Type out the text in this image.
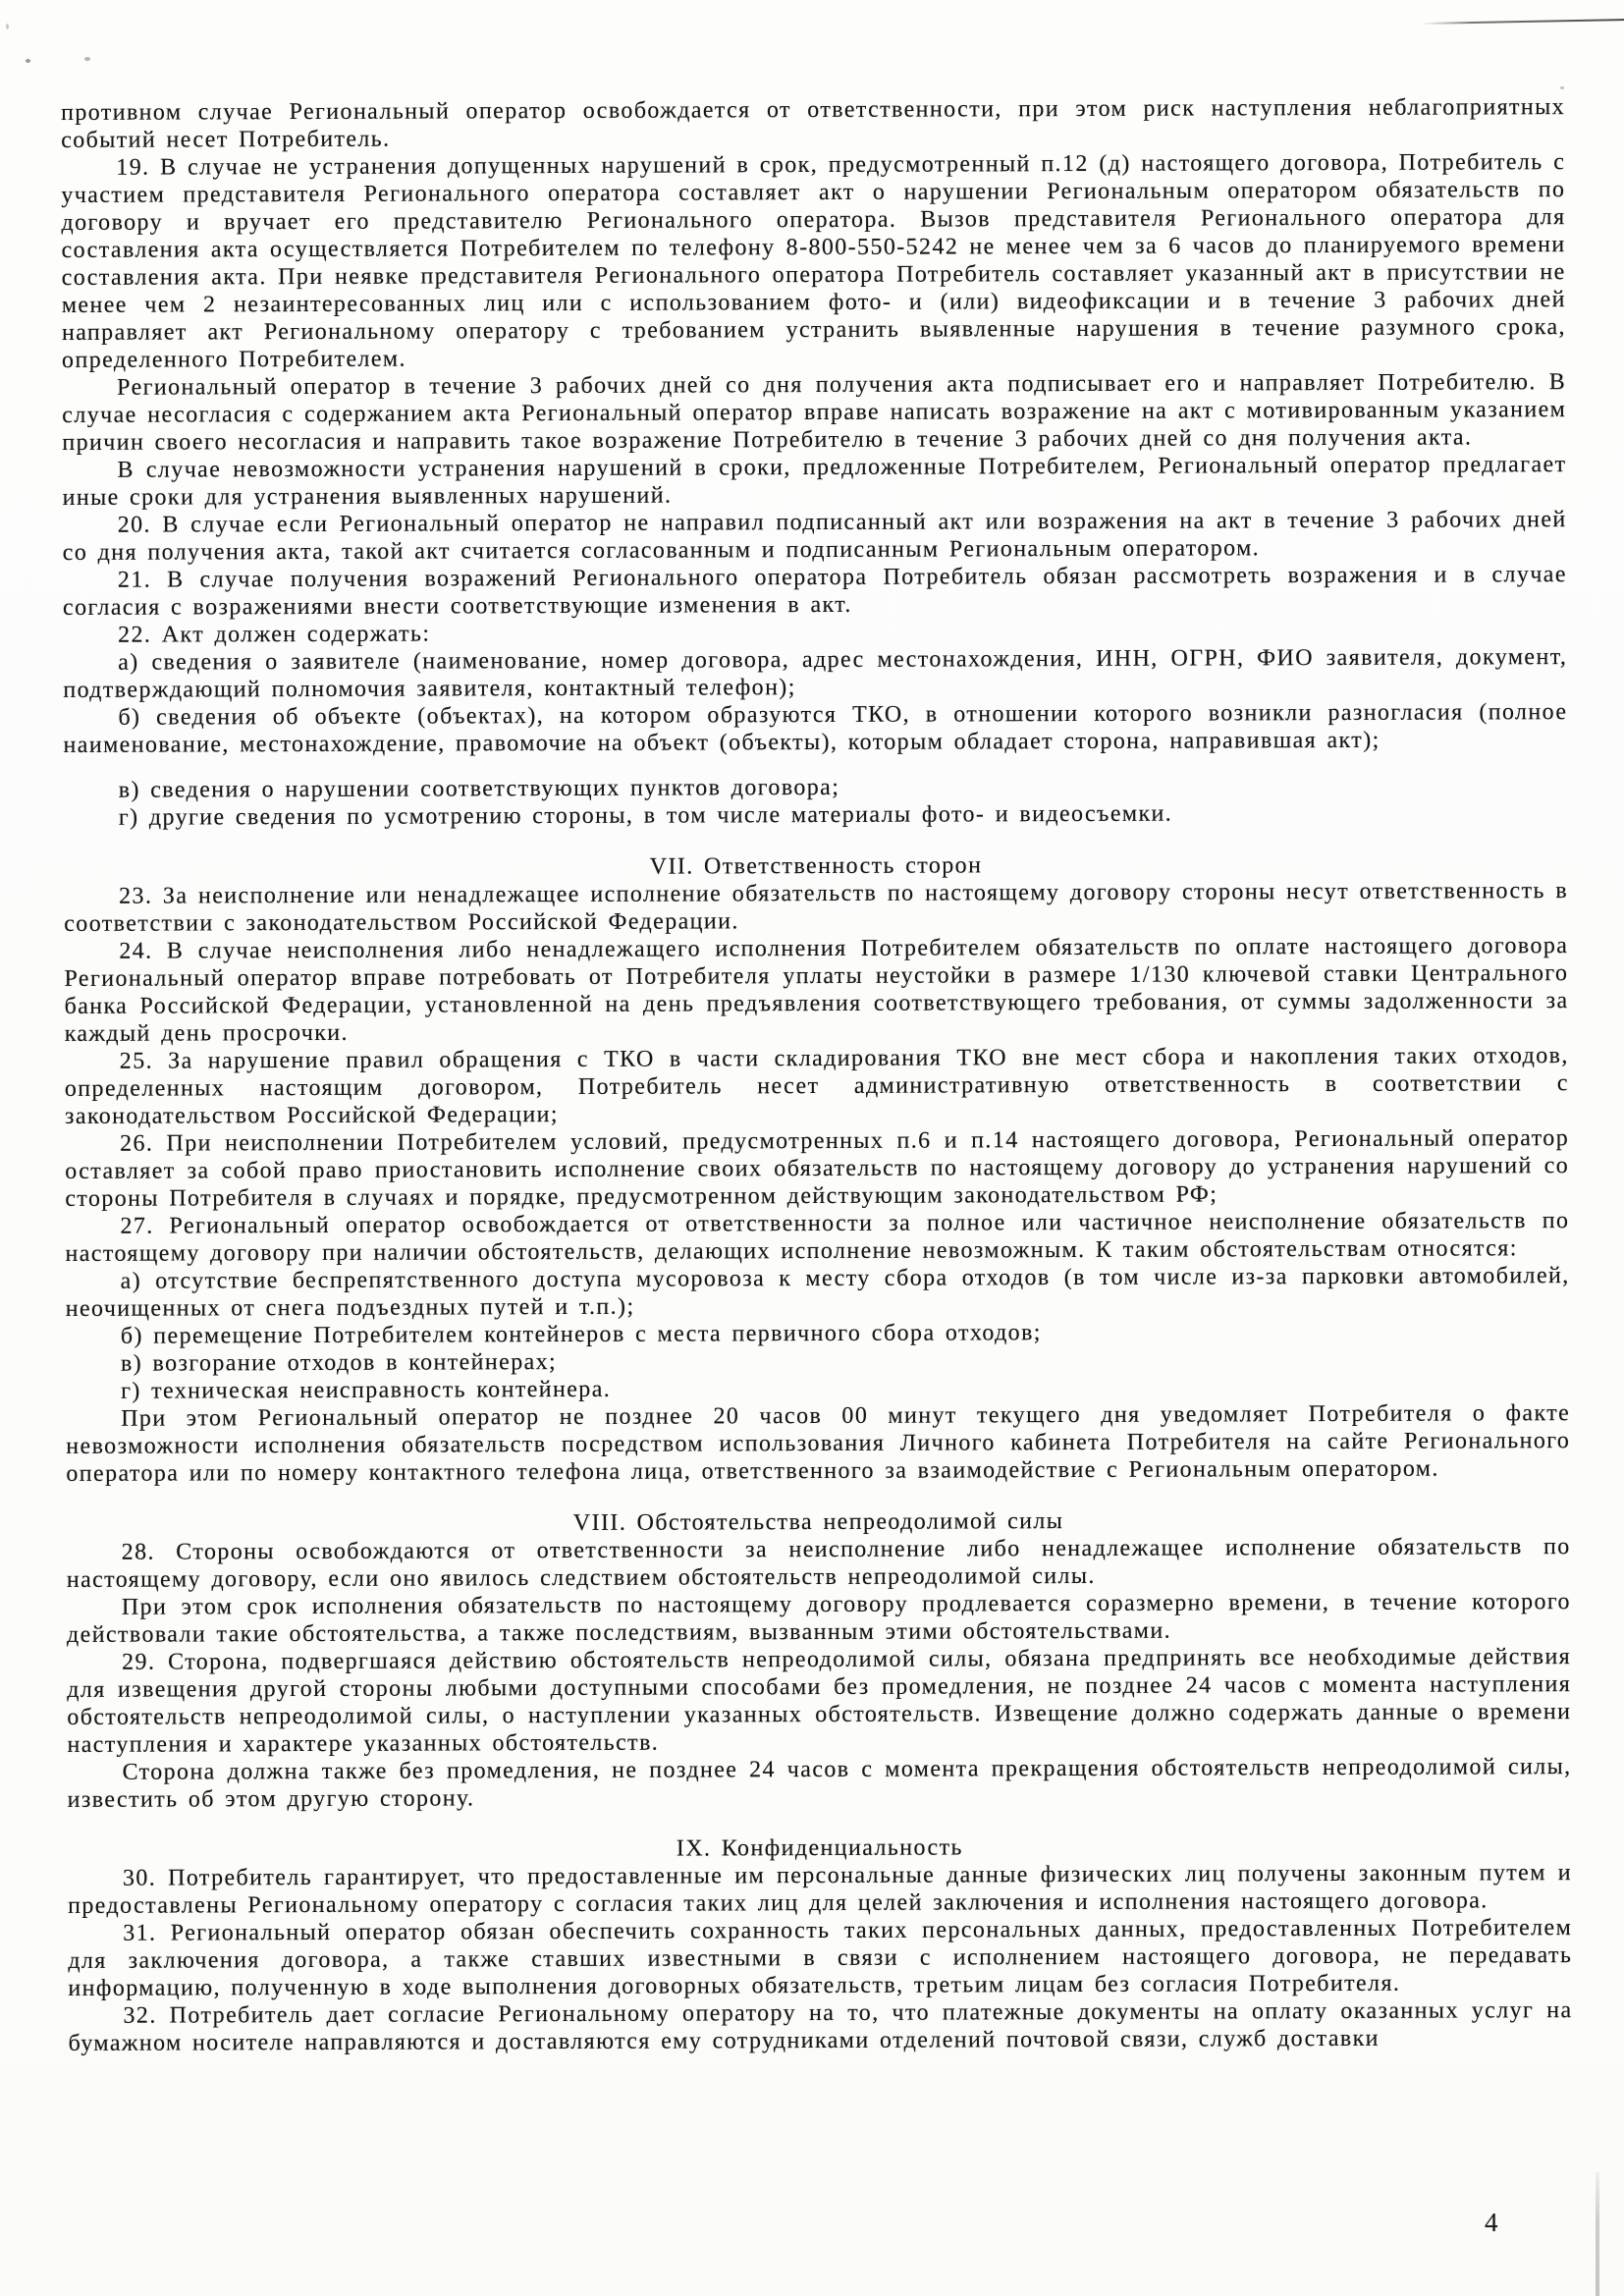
противном случае Региональный оператор освобождается от ответственности, при этом риск наступления неблагоприятных событий несет Потребитель.

19. В случае не устранения допущенных нарушений в срок, предусмотренный п.12 (д) настоящего договора, Потребитель с участием представителя Регионального оператора составляет акт о нарушении Региональным оператором обязательств по договору и вручает его представителю Регионального оператора. Вызов представителя Регионального оператора для составления акта осуществляется Потребителем по телефону 8-800-550-5242 не менее чем за 6 часов до планируемого времени составления акта. При неявке представителя Регионального оператора Потребитель составляет указанный акт в присутствии не менее чем 2 незаинтересованных лиц или с использованием фото- и (или) видеофиксации и в течение 3 рабочих дней направляет акт Региональному оператору с требованием устранить выявленные нарушения в течение разумного срока, определенного Потребителем.

Региональный оператор в течение 3 рабочих дней со дня получения акта подписывает его и направляет Потребителю. В случае несогласия с содержанием акта Региональный оператор вправе написать возражение на акт с мотивированным указанием причин своего несогласия и направить такое возражение Потребителю в течение 3 рабочих дней со дня получения акта.

В случае невозможности устранения нарушений в сроки, предложенные Потребителем, Региональный оператор предлагает иные сроки для устранения выявленных нарушений.

20. В случае если Региональный оператор не направил подписанный акт или возражения на акт в течение 3 рабочих дней со дня получения акта, такой акт считается согласованным и подписанным Региональным оператором.

21. В случае получения возражений Регионального оператора Потребитель обязан рассмотреть возражения и в случае согласия с возражениями внести соответствующие изменения в акт.

22. Акт должен содержать:

а) сведения о заявителе (наименование, номер договора, адрес местонахождения, ИНН, ОГРН, ФИО заявителя, документ, подтверждающий полномочия заявителя, контактный телефон);

б) сведения об объекте (объектах), на котором образуются ТКО, в отношении которого возникли разногласия (полное наименование, местонахождение, правомочие на объект (объекты), которым обладает сторона, направившая акт);

в) сведения о нарушении соответствующих пунктов договора;

г) другие сведения по усмотрению стороны, в том числе материалы фото- и видеосъемки.

VII. Ответственность сторон

23. За неисполнение или ненадлежащее исполнение обязательств по настоящему договору стороны несут ответственность в соответствии с законодательством Российской Федерации.

24. В случае неисполнения либо ненадлежащего исполнения Потребителем обязательств по оплате настоящего договора Региональный оператор вправе потребовать от Потребителя уплаты неустойки в размере 1/130 ключевой ставки Центрального банка Российской Федерации, установленной на день предъявления соответствующего требования, от суммы задолженности за каждый день просрочки.

25. За нарушение правил обращения с ТКО в части складирования ТКО вне мест сбора и накопления таких отходов, определенных настоящим договором, Потребитель несет административную ответственность в соответствии с законодательством Российской Федерации;

26. При неисполнении Потребителем условий, предусмотренных п.6 и п.14 настоящего договора, Региональный оператор оставляет за собой право приостановить исполнение своих обязательств по настоящему договору до устранения нарушений со стороны Потребителя в случаях и порядке, предусмотренном действующим законодательством РФ;

27. Региональный оператор освобождается от ответственности за полное или частичное неисполнение обязательств по настоящему договору при наличии обстоятельств, делающих исполнение невозможным. К таким обстоятельствам относятся:

а) отсутствие беспрепятственного доступа мусоровоза к месту сбора отходов (в том числе из-за парковки автомобилей, неочищенных от снега подъездных путей и т.п.);

б) перемещение Потребителем контейнеров с места первичного сбора отходов;

в) возгорание отходов в контейнерах;

г) техническая неисправность контейнера.

При этом Региональный оператор не позднее 20 часов 00 минут текущего дня уведомляет Потребителя о факте невозможности исполнения обязательств посредством использования Личного кабинета Потребителя на сайте Регионального оператора или по номеру контактного телефона лица, ответственного за взаимодействие с Региональным оператором.

VIII. Обстоятельства непреодолимой силы

28. Стороны освобождаются от ответственности за неисполнение либо ненадлежащее исполнение обязательств по настоящему договору, если оно явилось следствием обстоятельств непреодолимой силы.

При этом срок исполнения обязательств по настоящему договору продлевается соразмерно времени, в течение которого действовали такие обстоятельства, а также последствиям, вызванным этими обстоятельствами.

29. Сторона, подвергшаяся действию обстоятельств непреодолимой силы, обязана предпринять все необходимые действия для извещения другой стороны любыми доступными способами без промедления, не позднее 24 часов с момента наступления обстоятельств непреодолимой силы, о наступлении указанных обстоятельств. Извещение должно содержать данные о времени наступления и характере указанных обстоятельств.

Сторона должна также без промедления, не позднее 24 часов с момента прекращения обстоятельств непреодолимой силы, известить об этом другую сторону.

IX. Конфиденциальность

30. Потребитель гарантирует, что предоставленные им персональные данные физических лиц получены законным путем и предоставлены Региональному оператору с согласия таких лиц для целей заключения и исполнения настоящего договора.

31. Региональный оператор обязан обеспечить сохранность таких персональных данных, предоставленных Потребителем для заключения договора, а также ставших известными в связи с исполнением настоящего договора, не передавать информацию, полученную в ходе выполнения договорных обязательств, третьим лицам без согласия Потребителя.

32. Потребитель дает согласие Региональному оператору на то, что платежные документы на оплату оказанных услуг на бумажном носителе направляются и доставляются ему сотрудниками отделений почтовой связи, служб доставки

4
